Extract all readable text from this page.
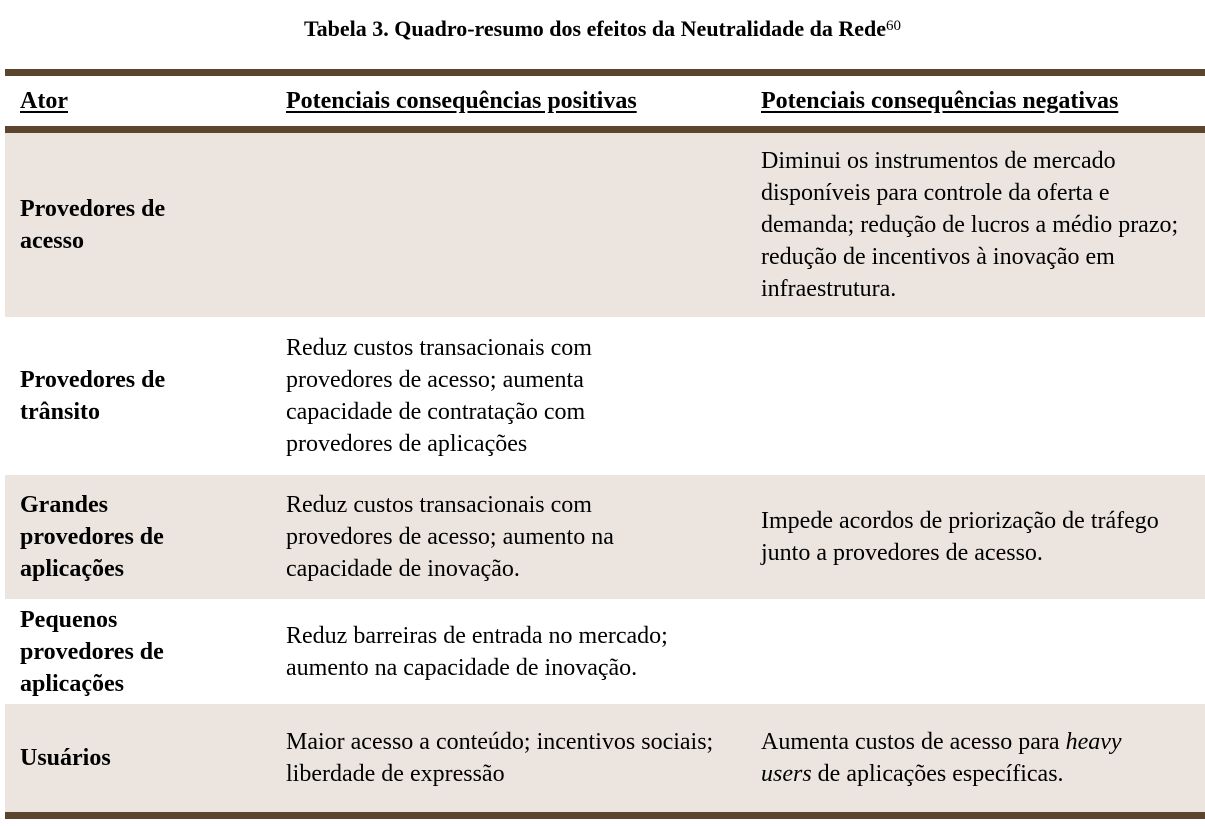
Tabela 3. Quadro-resumo dos efeitos da Neutralidade da Rede$^{60}$
Ator	Potenciais consequências positivas	Potenciais consequências negativas
Provedores de acesso
Diminui os instrumentos de mercado disponíveis para controle da oferta e demanda; redução de lucros a médio prazo; redução de incentivos à inovação em infraestrutura.
Provedores de trânsito
Reduz custos transacionais com provedores de acesso; aumenta capacidade de contratação com provedores de aplicações
Grandes provedores de aplicações
Reduz custos transacionais com provedores de acesso; aumento na capacidade de inovação.
Impede acordos de priorização de tráfego junto a provedores de acesso.
Pequenos provedores de aplicações
Reduz barreiras de entrada no mercado; aumento na capacidade de inovação.
Usuários
Maior acesso a conteúdo; incentivos sociais; liberdade de expressão
Aumenta custos de acesso para heavy users de aplicações específicas.
